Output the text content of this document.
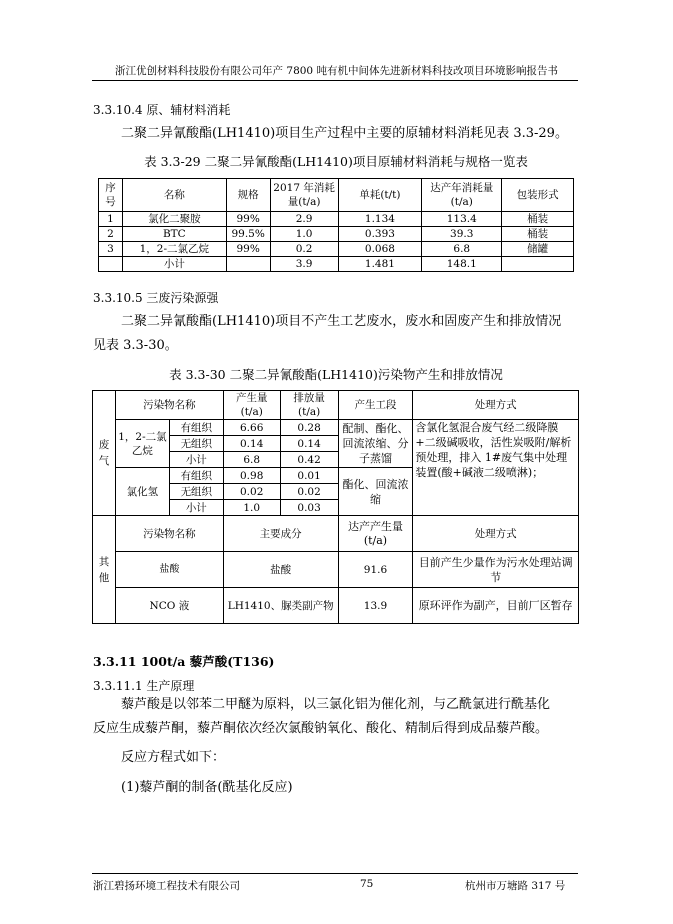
浙江优创材料科技股份有限公司年产 7800 吨有机中间体先进新材料科技改项目环境影响报告书
3.3.10.4 原、辅材料消耗
二聚二异氰酸酯(LH1410)项目生产过程中主要的原辅材料消耗见表 3.3-29。
表 3.3-29 二聚二异氰酸酯(LH1410)项目原辅材料消耗与规格一览表
序号	名称	规格	2017 年消耗量(t/a)	单耗(t/t)	达产年消耗量(t/a)	包装形式
1	氯化二聚胺	99%	2.9	1.134	113.4	桶装
2	BTC	99.5%	1.0	0.393	39.3	桶装
3	1，2-二氯乙烷	99%	0.2	0.068	6.8	储罐
	小计		3.9	1.481	148.1	
3.3.10.5 三废污染源强
二聚二异氰酸酯(LH1410)项目不产生工艺废水，废水和固废产生和排放情况
见表 3.3-30。
表 3.3-30 二聚二异氰酸酯(LH1410)污染物产生和排放情况
废气	污染物名称		产生量(t/a)	排放量(t/a)	产生工段	处理方式
	1，2-二氯乙烷	有组织	6.66	0.28	配制、酯化、回流浓缩、分子蒸馏	含氯化氢混合废气经二级降膜+二级碱吸收，活性炭吸附/解析预处理，排入 1#废气集中处理装置(酸+碱液二级喷淋)；
		无组织	0.14	0.14		
		小计	6.8	0.42		
	氯化氢	有组织	0.98	0.01	酯化、回流浓缩	
		无组织	0.02	0.02		
		小计	1.0	0.03		
其他	污染物名称		主要成分		达产产生量(t/a)	处理方式
	盐酸		盐酸		91.6	目前产生少量作为污水处理站调节
	NCO 液		LH1410、脲类副产物		13.9	原环评作为副产，目前厂区暂存
3.3.11 100t/a 藜芦酸(T136)
3.3.11.1 生产原理
藜芦酸是以邻苯二甲醚为原料，以三氯化铝为催化剂，与乙酰氯进行酰基化
反应生成藜芦酮，藜芦酮依次经次氯酸钠氧化、酸化、精制后得到成品藜芦酸。
反应方程式如下：
(1)藜芦酮的制备(酰基化反应)
浙江碧扬环境工程技术有限公司	75	杭州市万塘路 317 号
